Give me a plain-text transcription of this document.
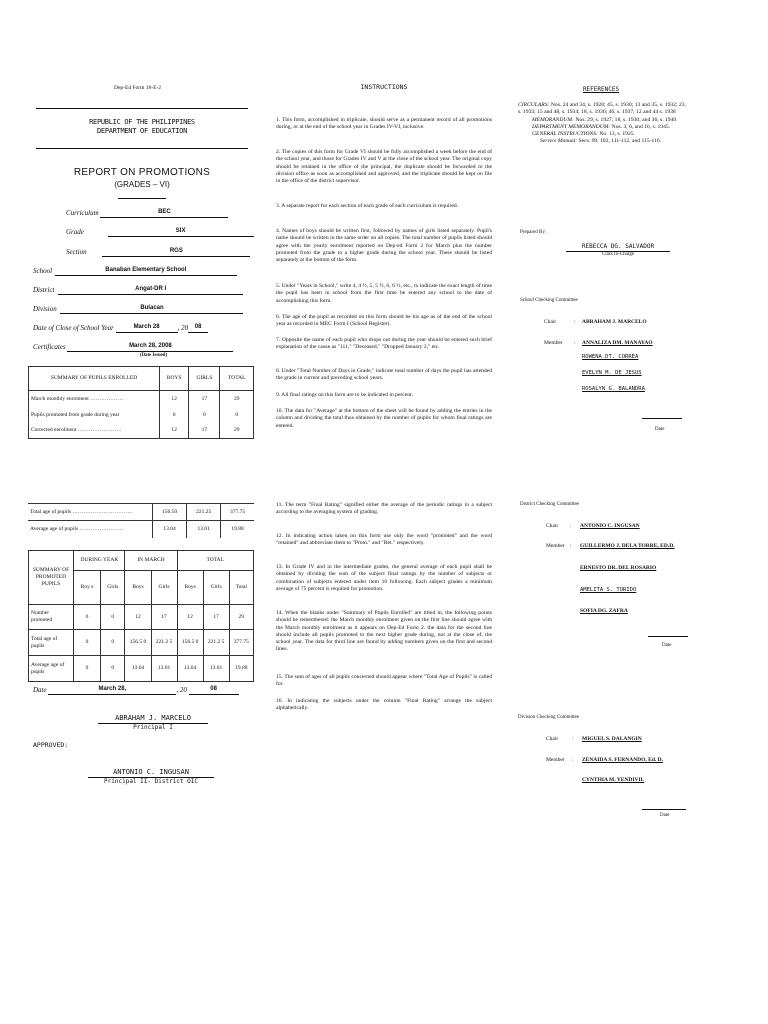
Dep-Ed Form 18-E-2
REPUBLIC OF THE PHILIPPINES
DEPARTMENT OF EDUCATION
REPORT ON PROMOTIONS
(GRADES – VI)
Curriculum	BEC
Grade	SIX
Section	RGS
School	Banaban Elementary School
District	Angat-DR I
Division	Bulacan
Date of Close of School Year	March 28	, 20 08
Certificates	March 28, 2008
(Date Issued)
SUMMARY OF PUPILS ENROLLED	BOYS	GIRLS	TOTAL
March monthly enrolment ………………	12	17	29
Pupils promoted from grade during year	0	0	0
Corrected enrolment ……………………	12	17	29
Total age of pupils ……………………………	156.50	221.25	377.75
Average age of pupils ……………………	13.04	13.01	19.88
SUMMARY OF PROMOTED PUPILS	DURING YEAR		IN MARCH		TOTAL		
	Boy s	Girls	Boys	Girls	Boys	Girls	Total
Number promoted	0	0	12	17	12	17	29
Total age of pupils	0	0	156.5 0	221.2 5	156.5 0	221.2 5	377.75
Average age of pupils	0	0	13.04	13.01	13.04	13.01	19.88
Date	March 28,	, 20	08
ABRAHAM J. MARCELO
Principal I
APPROVED:
ANTONIO C. INGUSAN
Principal II- District OIC
INSTRUCTIONS
1. This form, accomplished in triplicate, should serve as a permanent record of all promotions during, or at the end of the school year in Grades IV-VI, inclusive.
2. The copies of this form for Grade VI should be fully accomplished a week before the end of the school year, and those for Grades IV and V at the close of the school year. The original copy should be retained in the office of the principal, the duplicate should be forwarded to the division office as soon as accomplished and approved, and the triplicate should be kept on file in the office of the district supervisor.
3. A separate report for each section of each grade of each curriculum is required.
4. Names of boys should be written first, followed by names of girls listed separately. Pupil's name should be written in the same order on all copies. The total number of pupils listed should agree with the yearly enrolment reported on Dep-ed Form 2 for March plus the number promoted from the grade to a higher grade during the school year. These should be listed separately at the bottom of the form.
5. Under "Years in School," write 4, 4 ½, 5, 5 ½, 6, 6 ½, etc., to indicate the exact length of time the pupil has been in school from the first time he entered any school to the date of accomplishing this form.
6. The age of the pupil as recorded on this form should be his age as of the end of the school year as recorded in MEC Form I (School Register).
7. Opposite the name of each pupil who drops out during the year should be entered such brief explanation of the cause as "111," "Deceased," "Dropped January 2," etc.
8. Under "Total Number of Days in Grade," indicate total number of days the pupil has attended the grade in current and preceding school years.
9. All final ratings on this form are to be indicated in percent.
10. The data for "Average" at the bottom of the sheet will be found by adding the entries in the column and dividing the total thus obtained by the number of pupils for whom final ratings are entered.
11. The term "Final Rating" signified either the average of the periodic ratings in a subject according to the averaging system of grading.
12. In indicating action taken on this form use only the word "promoted" and the word "retained" and abbreviate them to "Prom." and "Ret." respectively.
13. In Grade IV and in the intermediate grades, the general average of each pupil shall be obtained by dividing the sum of the subject final ratings by the number of subjects or combination of subjects entered under item 16 following. Each subject grades a minimum average of 75 percent is required for promotion.
14. When the blanks under "Summary of Pupils Enrolled" are titled in, the following points should be remembered: the March monthly enrolment given on the first line should agree with the March monthly enrolment as it appears on Dep-Ed Form 2. the data for the second line should include all pupils promoted to the next higher grade during, not at the close of, the school year. The data for third line are found by adding numbers given on the first and second lines.
15. The sum of ages of all pupils concerned should appear where "Total Age of Pupils" is called for.
16. In indicating the subjects under the column "Final Rating" arrange the subject alphabetically.
REFERENCES
CIRCULARS: Nos. 24 and 34, s. 1928; 45, s. 1930; 13 and 35, s. 1932; 23, s. 1933; 15 and 48, s. 1934; 18, s. 1936; 46, s. 1937; 12 and 44 s. 1938
MEMORANDUM: Nos. 29, s. 1927; 18, s. 1930; and 36, s. 1940
DEPARTMENT MEMORANDUM: Nos. 3, 6, and 16, s. 1945.
GENERAL INSTRUCTIONS: No. 13, s. 1925.
Service Manual: Secs. 99, 102, 111-112, and 115-116.
Prepared By:
REBECCA DG. SALVADOR
Class In-Charge
School Checking Committee
Chair	: ABRAHAM J. MARCELO
Member : ANNALIZA DM. MANAYAO
ROWENA DT. CORREA
EVELYN M. DE JESUS
ROSALYN G. BALANDRA
Date
District Checking Committee
Chair : ANTONIO C. INGUSAN
Member : GUILLERMO J. DELA TORRE, ED.D.
ERNESTO DR. DEL ROSARIO
AMELITA S. TORIDO
SOFIA DG. ZAFRA
Date
Division Checking Committee
Chair	: MIGUEL S. DALANGIN
Member : ZENAIDA S. FERNANDO, Ed. D.
CYNTHIA M. YENDIVIL
Date
